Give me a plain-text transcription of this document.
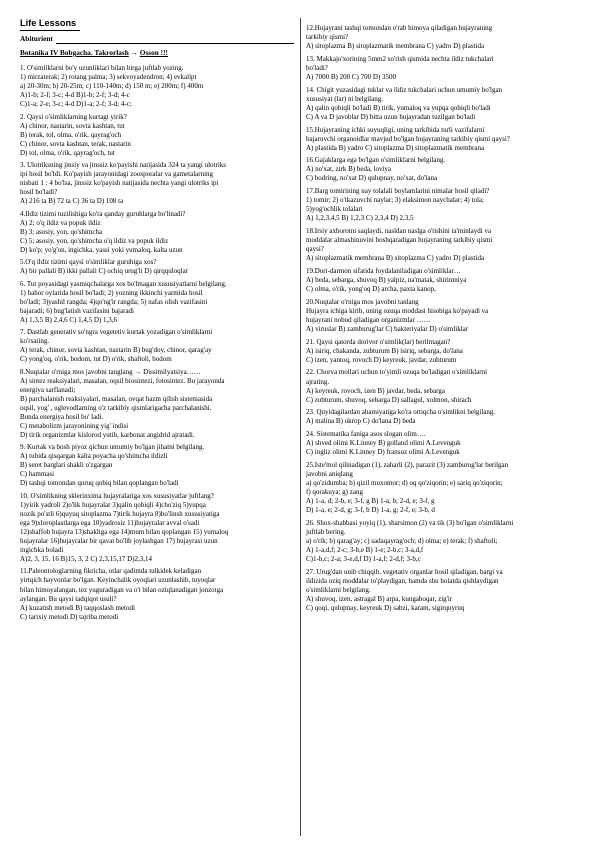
Life Lessons
Abiturient
Botanika IV Bobgacha. Takrorlash → Osson !!!
1. O'simliklarni bo'y uzunliklari bilan birga juftlab yozing.
1) mirzaterak; 2) rotang palma; 3) sekvoyadendron; 4) evkalipt
a) 20-30m; b) 20-25m; c) 110-140m; d) 150 m; e) 200m; f) 400m
A)1-b; 2-f; 3-c; 4-d B)1-b; 2-f; 3-d; 4-c
C)1-a; 2-e; 3-c; 4-d D)1-a; 2-f; 3-d; 4-c;
2. Qaysi o'simliklarning kurtagi yirik?
A) chinor, nastarin, sovta kashtan, tut
B) terak, tol, olma, o'rik, qayrag'och
C) chinor, sovta kashtan, terak, nastarin
D) tol, olma, o'rik, qayrag'och, tut
3. Ulotriksning jinsiy va jinssiz ko'payishi natijasida 324 ta yangi ulotriks
ipi hosil bo'ldi. Ko'payish jarayonidagi zoosporalar va gametalarning
nisbati 1 : 4 bo'lsa, jinssiz ko'payish natijasida nechta yangi ulotriks ipi
hosil bo'ladi?
A) 216 ta B) 72 ta C) 36 ta D) 108 ta
4.Ildiz tizimi tuzilishiga ko'ra qanday guruhlarga bo'linadi?
A) 2; o'q ildiz va popuk ildiz
B) 3; asosiy, yon, qo'shimcha
C) 5; asosiy, yon, qo'shimcha o'q ildiz va popuk ildiz
D) ko'p; yo'g'on, ingichka, yassi yoki yumaloq, kalta uzun
5.O'q ildiz tizimi qaysi o'simliklar guruhiga xos?
A) bir pallali B) ikki pallali C) ochiq urug'li D) qirqquloqlar
6. Tut poyasidagi yasmiqchalarga xos bo'lmagan xususiyatlarni belgilang.
1) bahor oylarida hosil bo'ladi; 2) yozning ikkinchi yarmida hosil
bo'ladi; 3)yashil rangda; 4)qo'ng'ir rangda; 5) nafas olish vazifasini
bajaradi; 6) bug'latish vazifasini bajaradi
A) 1,3,5 B) 2,4,6 C) 1,4,5 D) 1,3,6
7. Dastlab generativ so'ngra vegetetiv kurtak yozadigan o'simliklarni
ko'rsating.
A) terak, chinor, sovta kashtan, nastarin B) bug'doy, chinor, qarag'ay
C) yong'oq, o'rik, bodom, tut D) o'rik, shaftoli, bodom
8.Nuqtalar o'rniga mos javobni tanglang → Dissimilyatsiya……
A) sintez reaksiyalari, masalan, oqsil biosintezi, fotosintez. Bu jarayonda
energiya sarflanadi;
B) parchalanish reaksiyalari, masalan, ovqat hazm qilish sistemasida
oqsil, yog' , uglevodlarning o'z tarkibiy qismlarigacha parchalanishi.
Bunda energiya hosil bo' ladi.
C) metabolizm jarayonining yig' indisi
D) tirik organizmlar kislorod yutib, karbonat angidrid ajratadi.
9. Kurtak va bosh piyoz qichun umumiy bo'lgan jihatni belgilang.
A) tubida qisqargan kalta poyacha qo'shimcha ildizli
B) seret barglari shakli o'zgargan
C) hammasi
D) tashqi tomondan quruq qobiq bilan qoplangan bo'ladi
10. O'simlikning sklerinxima hujayralariga xos xususiyatlar juftlang?
1)yirik yadroli 2)o'lik hujayralar 3)qalin qobiqli 4)cho'ziq 5)yupqa
nozik po'stli 6)quyuq sitoplazma 7)tirik hujayra 8)bo'linsh xususiyatiga
ega 9)xloroplastlarga ega 10)yadrosiz 11)hujayralar avval o'sadi
12)shaffob hujayra 13)shakliga ega 14)mum bilan qoplangan 15) yumaloq
hujayralar 16)hujayralar bir qavat bo'lib joylashgan 17) hujayrasi uzun
ingichka boladi
A)2, 3, 15, 16 B)15, 3, 2 C) 2,3,15,17 D)2,3,14
11.Paleontologlarning fikricha, otlar qadimda tulkidek keladigan
yirtqich hayvonlar bo'lgan. Keyinchalik oyoqlari uzunlashib, tuyoqlar
bilan himoyalangan, tez yuguradigan va o't bilan oziqlanadigan jonzotga
aylangan. Bu qaysi tadqiqot usuli?
A) kuzatish metodi B) taqqoslash metodi
C) tarixiy metodi D) tajriba metodi
12.Hujayrani tashqi tomondan o'rab himoya qiladigan hujayraning
tarkibiy qismi?
A) sitoplazma B) sitoplazmatik membrana C) yadro D) plastida
13. Makkajo'xorining 5mm2 so'rish qismida nechta ildiz tukchalari
bo'ladi?
A) 7000 B) 200 C) 700 D) 3500
14. Chigit yuzasidagi tuklar va ildiz tukchalari uchun umumiy bo'lgan
xususiyat (lar) ni belgilang.
A) qalin qobiqli bo'ladi B) tirik, yumaloq va yupqa qobiqli bo'ladi
C) A va D javoblar D) bitta uzun hujayradan tuzilgan bo'ladi
15.Hujayraning ichki suyuqligi, uning tarkibida turli vazifalarni
bajaruvchi organoidlar mavjud bo'lgan hujayraning tarkibiy qismi qaysi?
A) plastida B) yadro C) sitoplazma D) sitoplazmatik membrana
16.Gajaklarga ega bo'lgan o'simliklarni belgilang.
A) no'xat, zirk B) beda, loviya
C) bodring, no'xat D) qulupnay, no'xat, do'lana
17.Barg tomirining nay tolalali boylamlarini nimalar hosil qiladi?
1) tomir; 2) o'tkazuvchi naylar; 3) elaksimon naychalar; 4) tola;
5)yog'ochlik tolalari
A) 1,2,3,4,5 B) 1,2,3 C) 2,3,4 D) 2,3,5
18.Irsiy axborotni saqlaydi, nasldan naslga o'tishini ta'minlaydi va
moddalar almashinuvini boshqaradigan hujayraning tarkibiy qismi
qaysi?
A) sitoplazmatik membrana B) sitoplazma C) yadro D) plastida
19.Dori-darmon sifatida foydalaniladigan o'simliklar…
A) beda, sebarga, shuvoq B) yalpiz, na'matak, shirinmiya
C) olma, o'rik, yong'oq D) archa, paxta kanop,
20.Nuqtalar o'rniga mos javobni tanlang
Hujayra ichiga kirib, uning ozuqa moddasi hisobiga ko'payadi va
hujayrani nobud qiladigan organizmlar ……
A) viruslar B) zamburug'lar C) bakteriyalar D) o'simliklar
21. Qaysi qatorda dorivor o'simlik(lar) berilmagan?
A) isiriq, chakanda, zubturum B) isiriq, sebarga, do'lana
C) izen, yantoq, rovoch D) keyreuk, javdar, zubturum
22. Chorva mollari uchun to'yimli ozuqa bo'ladigan o'simliklarni
ajrating.
A) keyreuk, rovoch, izen B) javdar, beda, sebarga
C) zubturum, shuvoq, sebarga D) sallagul, xolmon, shirach
23. Quyidagilardan ahamiyatiga ko'ra ortiqcha o'simlikni belgilang.
A) malina B) ukrop C) do'lana D) beda
24. Sistematika faniga asos slogan olim….
A) shved olimi K.Linney B) golland olimi A.Levenguk
C) ingliz olimi K.Linney D) fransuz olimi A.Levenguk
25.Iste'mol qilinadigan (1), zaharli (2), parazit (3) zamburug'lar berilgan
javobni aniqlang
a) qo'zidumba; b) qizil muxomor; d) oq qo'ziqorin; e) sariq qo'ziqorin;
f) qorakuya; g) zang
A) 1-a, d; 2-b, e; 3-f, g B) 1-a, b; 2-d, e; 3-f, g
D) 1-a, e; 2-d, g; 3-f, b D) 1-a, g; 2-f, e; 3-b, d
26. Shox-shabbasi yoyiq (1), sharsimon (2) va tik (3) bo'lgan o'simliklarni
juftlab bering.
a) o'rik; b) qarag'ay; c) sadaqayrag'och; d) olma; e) terak; f) shaftoli;
A) 1-a,d,f; 2-c; 3-b,e B) 1-e; 2-b,c; 3-a,d,f
C)1-b,c; 2-a; 3-e,d,f D) 1-a,f; 2-d,f; 3-b,c
27. Urug'dan unib chiqqib, vegetativ organlar hosil qiladigan, bargi va
ildizida oziq moddalar to'playdigan, hamda shu holatda qishlaydigan
o'simliklarni belgilang.
A) shuvoq, izen, astragal B) arpa, kungaboqar, zig'ir
C) qoqi, qulupnay, keyreuk D) sabzi, karam, sigirquyruq
